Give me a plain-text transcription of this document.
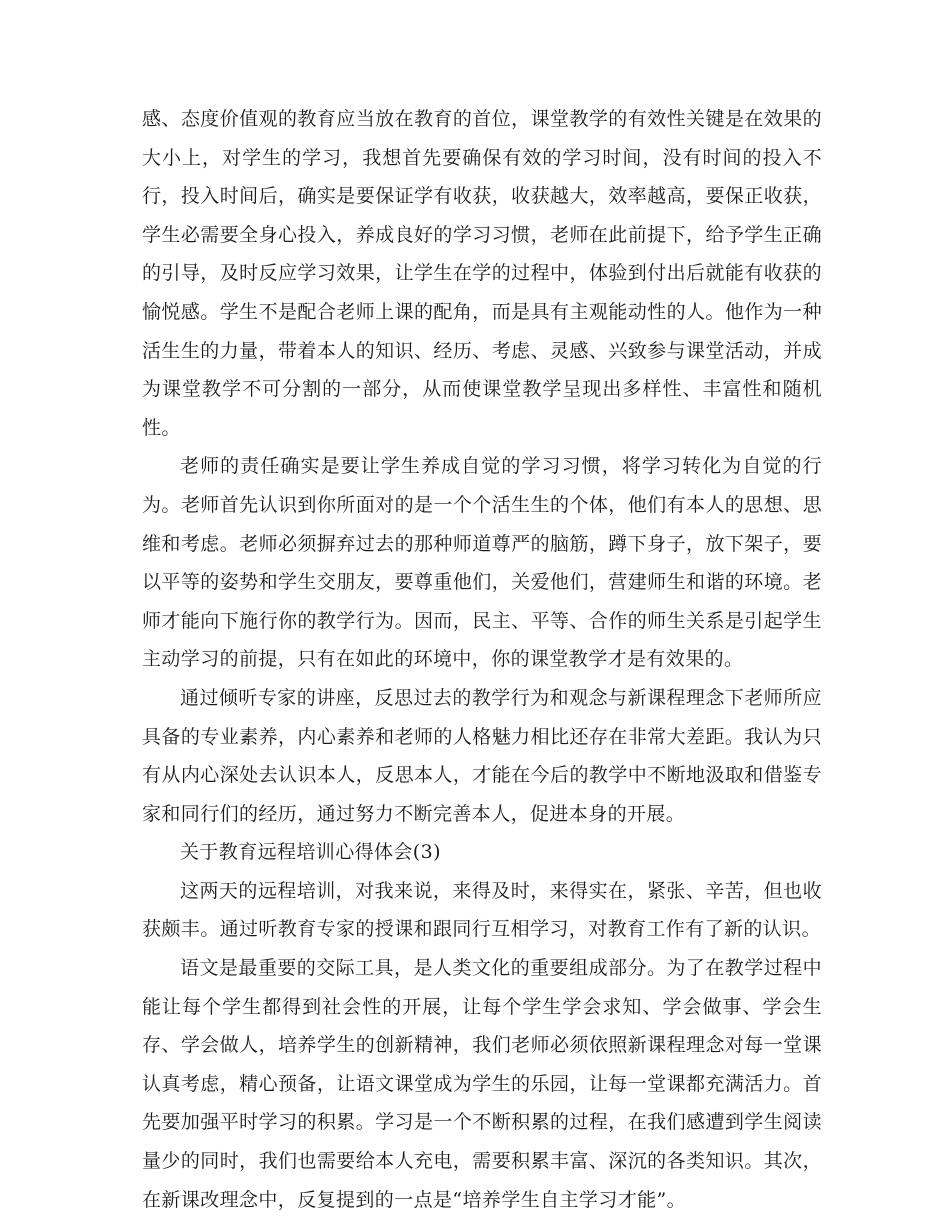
感、态度价值观的教育应当放在教育的首位，课堂教学的有效性关键是在效果的大小上，对学生的学习，我想首先要确保有效的学习时间，没有时间的投入不行，投入时间后，确实是要保证学有收获，收获越大，效率越高，要保正收获，学生必需要全身心投入，养成良好的学习习惯，老师在此前提下，给予学生正确的引导，及时反应学习效果，让学生在学的过程中，体验到付出后就能有收获的愉悦感。学生不是配合老师上课的配角，而是具有主观能动性的人。他作为一种活生生的力量，带着本人的知识、经历、考虑、灵感、兴致参与课堂活动，并成为课堂教学不可分割的一部分，从而使课堂教学呈现出多样性、丰富性和随机性。

老师的责任确实是要让学生养成自觉的学习习惯，将学习转化为自觉的行为。老师首先认识到你所面对的是一个个活生生的个体，他们有本人的思想、思维和考虑。老师必须摒弃过去的那种师道尊严的脑筋，蹲下身子，放下架子，要以平等的姿势和学生交朋友，要尊重他们，关爱他们，营建师生和谐的环境。老师才能向下施行你的教学行为。因而，民主、平等、合作的师生关系是引起学生主动学习的前提，只有在如此的环境中，你的课堂教学才是有效果的。

通过倾听专家的讲座，反思过去的教学行为和观念与新课程理念下老师所应具备的专业素养，内心素养和老师的人格魅力相比还存在非常大差距。我认为只有从内心深处去认识本人，反思本人，才能在今后的教学中不断地汲取和借鉴专家和同行们的经历，通过努力不断完善本人，促进本身的开展。

关于教育远程培训心得体会(3)

这两天的远程培训，对我来说，来得及时，来得实在，紧张、辛苦，但也收获颇丰。通过听教育专家的授课和跟同行互相学习，对教育工作有了新的认识。

语文是最重要的交际工具，是人类文化的重要组成部分。为了在教学过程中能让每个学生都得到社会性的开展，让每个学生学会求知、学会做事、学会生存、学会做人，培养学生的创新精神，我们老师必须依照新课程理念对每一堂课认真考虑，精心预备，让语文课堂成为学生的乐园，让每一堂课都充满活力。首先要加强平时学习的积累。学习是一个不断积累的过程，在我们感遭到学生阅读量少的同时，我们也需要给本人充电，需要积累丰富、深沉的各类知识。其次，在新课改理念中，反复提到的一点是“培养学生自主学习才能”。
